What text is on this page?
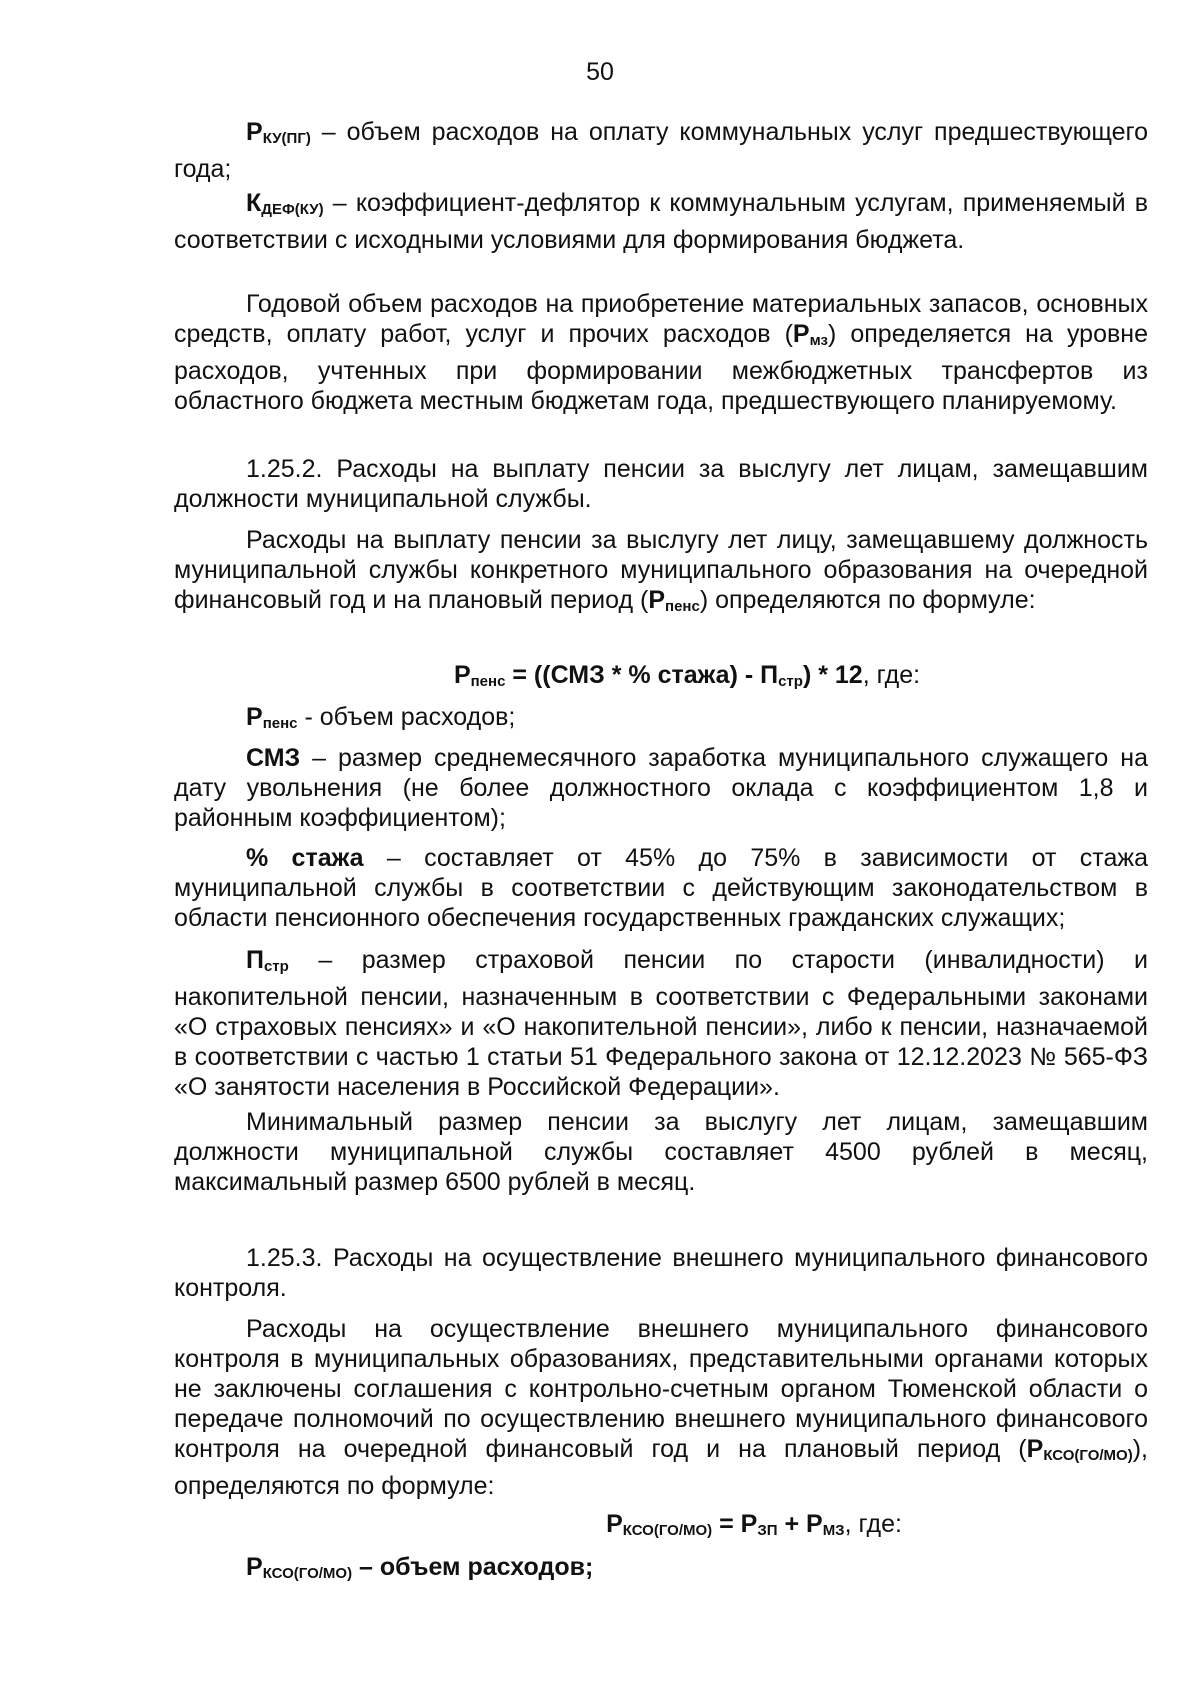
50

РКУ(ПГ) – объем расходов на оплату коммунальных услуг предшествующего года;

КДЕФ(КУ) – коэффициент-дефлятор к коммунальным услугам, применяемый в соответствии с исходными условиями для формирования бюджета.

Годовой объем расходов на приобретение материальных запасов, основных средств, оплату работ, услуг и прочих расходов (Рмз) определяется на уровне расходов, учтенных при формировании межбюджетных трансфертов из областного бюджета местным бюджетам года, предшествующего планируемому.

1.25.2. Расходы на выплату пенсии за выслугу лет лицам, замещавшим должности муниципальной службы.

Расходы на выплату пенсии за выслугу лет лицу, замещавшему должность муниципальной службы конкретного муниципального образования на очередной финансовый год и на плановый период (Рпенс) определяются по формуле:

Рпенс = ((СМЗ * % стажа) - Пстр) * 12, где:

Рпенс - объем расходов;

СМЗ – размер среднемесячного заработка муниципального служащего на дату увольнения (не более должностного оклада с коэффициентом 1,8 и районным коэффициентом);

% стажа – составляет от 45% до 75% в зависимости от стажа муниципальной службы в соответствии с действующим законодательством в области пенсионного обеспечения государственных гражданских служащих;

Пстр – размер страховой пенсии по старости (инвалидности) и накопительной пенсии, назначенным в соответствии с Федеральными законами «О страховых пенсиях» и «О накопительной пенсии», либо к пенсии, назначаемой в соответствии с частью 1 статьи 51 Федерального закона от 12.12.2023 № 565-ФЗ «О занятости населения в Российской Федерации».

Минимальный размер пенсии за выслугу лет лицам, замещавшим должности муниципальной службы составляет 4500 рублей в месяц, максимальный размер 6500 рублей в месяц.

1.25.3. Расходы на осуществление внешнего муниципального финансового контроля.

Расходы на осуществление внешнего муниципального финансового контроля в муниципальных образованиях, представительными органами которых не заключены соглашения с контрольно-счетным органом Тюменской области о передаче полномочий по осуществлению внешнего муниципального финансового контроля на очередной финансовый год и на плановый период (РКСО(ГО/МО)), определяются по формуле:

РКСО(ГО/МО) = РЗП + РМЗ, где:

РКСО(ГО/МО) – объем расходов;
